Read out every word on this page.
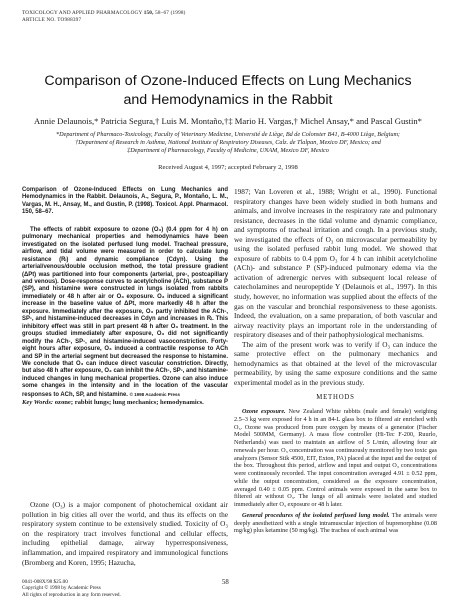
TOXICOLOGY AND APPLIED PHARMACOLOGY 150, 58–67 (1998)
ARTICLE NO. TO988397
Comparison of Ozone-Induced Effects on Lung Mechanics
and Hemodynamics in the Rabbit
Annie Delaunois,* Patricia Segura,† Luis M. Montaño,†‡ Mario H. Vargas,† Michel Ansay,* and Pascal Gustin*
*Department of Pharmaco-Toxicology, Faculty of Veterinary Medicine, Université de Liège, Bd de Colonster B41, B-4000 Liège, Belgium;
†Department of Research in Asthma, National Institute of Respiratory Diseases, Calz. de Tlalpan, Mexico DF, Mexico; and
‡Department of Pharmacology, Faculty of Medicine, UNAM, Mexico DF, Mexico
Received August 4, 1997; accepted February 2, 1998

Comparison of Ozone-Induced Effects on Lung Mechanics and Hemodynamics in the Rabbit. Delaunois, A., Segura, P., Montaño, L. M., Vargas, M. H., Ansay, M., and Gustin, P. (1998). Toxicol. Appl. Pharmacol. 150, 58–67.

The effects of rabbit exposure to ozone (O₃) (0.4 ppm for 4 h) on pulmonary mechanical properties and hemodynamics have been investigated on the isolated perfused lung model. Tracheal pressure, airflow, and tidal volume were measured in order to calculate lung resistance (Rₗ) and dynamic compliance (Cdyn). Using the arterial/venous/double occlusion method, the total pressure gradient (ΔPt) was partitioned into four components (arterial, pre-, postcapillary and venous). Dose-response curves to acetylcholine (ACh), substance P (SP), and histamine were constructed in lungs isolated from rabbits immediately or 48 h after air or O₃ exposure. O₃ induced a significant increase in the baseline value of ΔPt, more markedly 48 h after the exposure. Immediately after the exposure, O₃ partly inhibited the ACh-, SP-, and histamine-induced decreases in Cdyn and increases in Rₗ. This inhibitory effect was still in part present 48 h after O₃ treatment. In the groups studied immediately after exposure, O₃ did not significantly modify the ACh-, SP-, and histamine-induced vasoconstriction. Forty-eight hours after exposure, O₃ induced a contractile response to ACh and SP in the arterial segment but decreased the response to histamine. We conclude that O₃ can induce direct vascular constriction. Directly, but also 48 h after exposure, O₃ can inhibit the ACh-, SP-, and histamine-induced changes in lung mechanical properties. Ozone can also induce some changes in the intensity and in the location of the vascular responses to ACh, SP, and histamine. © 1998 Academic Press

Key Words: ozone; rabbit lungs; lung mechanics; hemodynamics.

Ozone (O₃) is a major component of photochemical oxidant air pollution in big cities all over the world, and thus its effects on the respiratory system continue to be extensively studied. Toxicity of O₃ on the respiratory tract involves functional and cellular effects, including epithelial damage, airway hyperresponsiveness, inflammation, and impaired respiratory and immunological functions (Bromberg and Koren, 1995; Hazucha,

1987; Van Loveren et al., 1988; Wright et al., 1990). Functional respiratory changes have been widely studied in both humans and animals, and involve increases in the respiratory rate and pulmonary resistance, decreases in the tidal volume and dynamic compliance, and symptoms of tracheal irritation and cough. In a previous study, we investigated the effects of O₃ on microvascular permeability by using the isolated perfused rabbit lung model. We showed that exposure of rabbits to 0.4 ppm O₃ for 4 h can inhibit acetylcholine (ACh)- and substance P (SP)-induced pulmonary edema via the activation of adrenergic nerves with subsequent local release of catecholamines and neuropeptide Y (Delaunois et al., 1997). In this study, however, no information was supplied about the effects of the gas on the vascular and bronchial responsiveness to these agonists. Indeed, the evaluation, on a same preparation, of both vascular and airway reactivity plays an important role in the understanding of respiratory diseases and of their pathophysiological mechanisms.

The aim of the present work was to verify if O₃ can induce the same protective effect on the pulmonary mechanics and hemodynamics as that obtained at the level of the microvascular permeability, by using the same exposure conditions and the same experimental model as in the previous study.

METHODS

Ozone exposure. New Zealand White rabbits (male and female) weighing 2.5–3 kg were exposed for 4 h in an 84-L glass box to filtered air enriched with O₃. Ozone was produced from pure oxygen by means of a generator (Fischer Model 500MM, Germany). A mass flow controller (Hi-Tec F-200, Ruurlo, Netherlands) was used to maintain an airflow of 5 L/min, allowing four air renewals per hour. O₃ concentration was continuously monitored by two toxic gas analyzers (Sensor Stik 4500, EIT, Exton, PA) placed at the input and the output of the box. Throughout this period, airflow and input and output O₃ concentrations were continuously recorded. The input concentration averaged 4.91 ± 0.52 ppm, while the output concentration, considered as the exposure concentration, averaged 0.40 ± 0.05 ppm. Control animals were exposed in the same box to filtered air without O₃. The lungs of all animals were isolated and studied immediately after O₃ exposure or 48 h later.

General procedures of the isolated perfused lung model. The animals were deeply anesthetized with a single intramuscular injection of buprenorphine (0.08 mg/kg) plus ketamine (50 mg/kg). The trachea of each animal was

0041-008X/98 $25.00
Copyright © 1998 by Academic Press
All rights of reproduction in any form reserved.
58
